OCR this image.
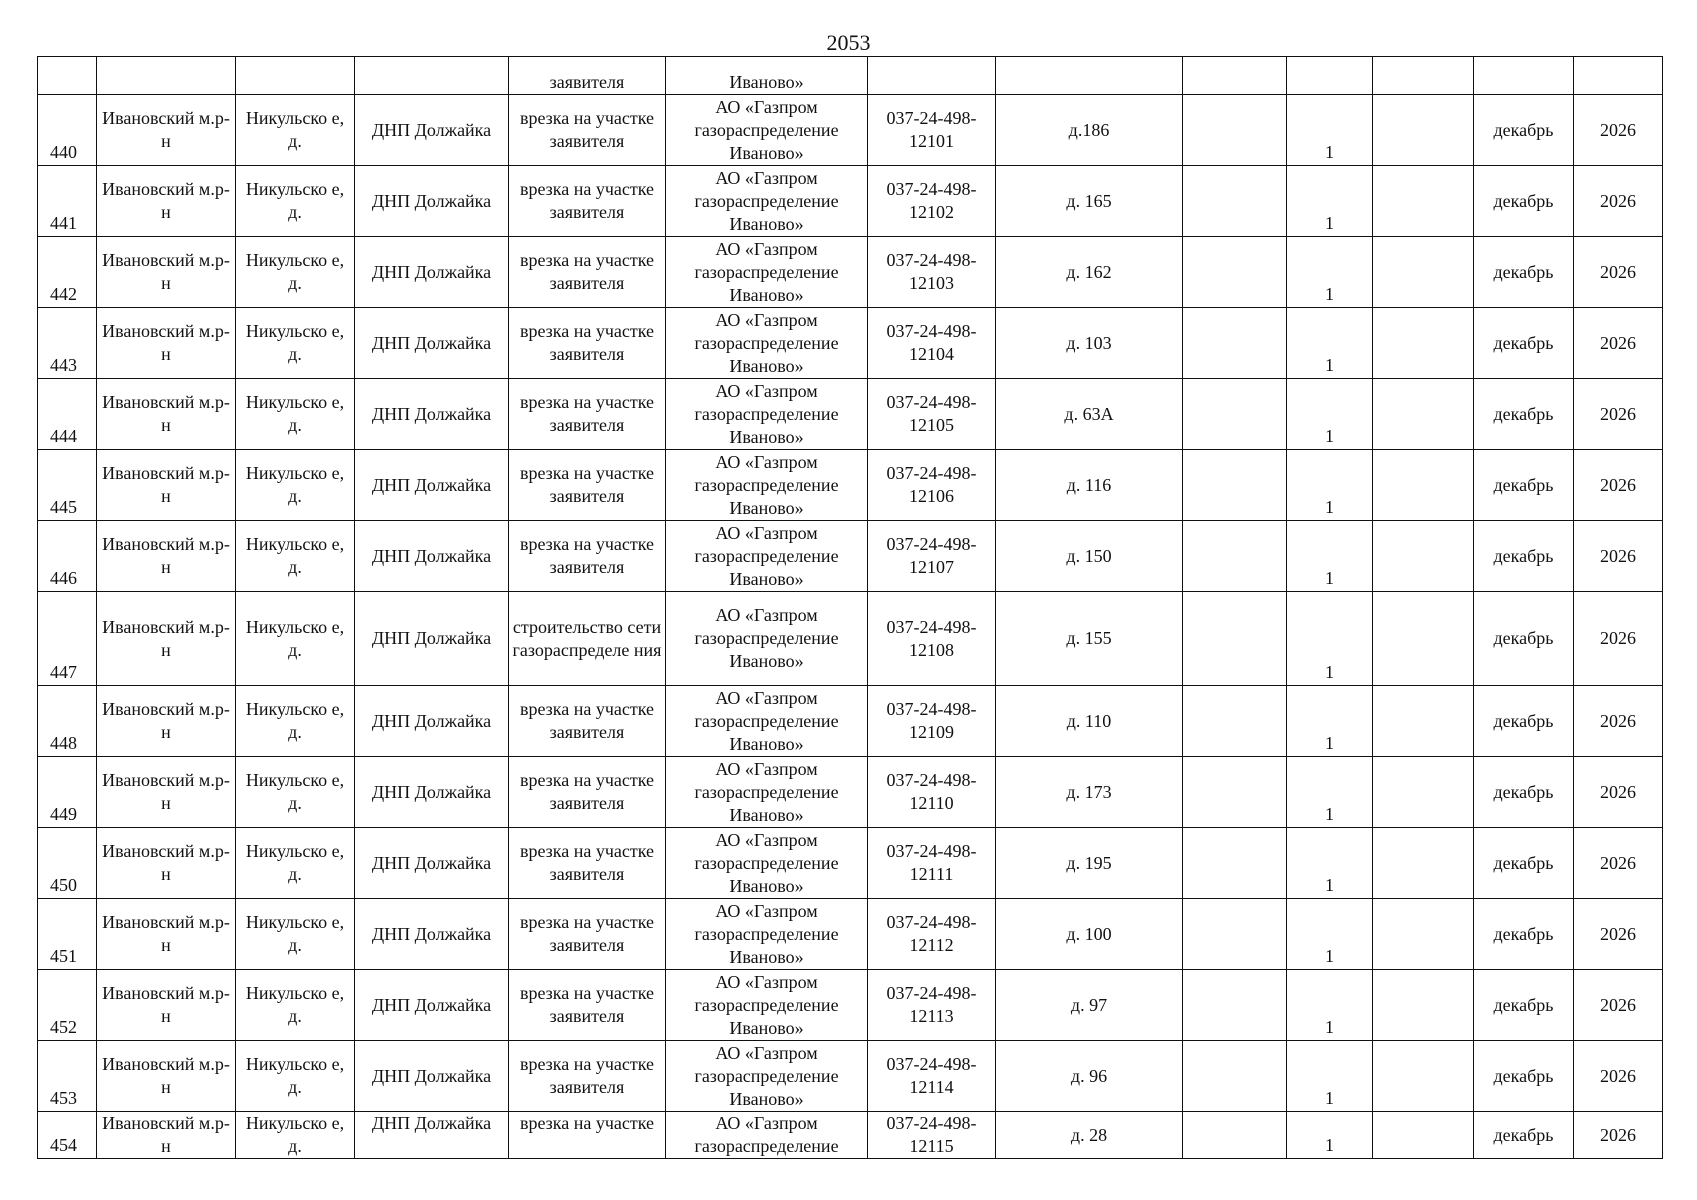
2053
				заявителя	Иваново»							
440	Ивановский м.р-н	Никульско е, д.	ДНП Должайка	врезка на участке заявителя	АО «Газпром газораспределение Иваново»	037-24-498- 12101	д.186		1		декабрь	2026
441	Ивановский м.р-н	Никульско е, д.	ДНП Должайка	врезка на участке заявителя	АО «Газпром газораспределение Иваново»	037-24-498- 12102	д. 165		1		декабрь	2026
442	Ивановский м.р-н	Никульско е, д.	ДНП Должайка	врезка на участке заявителя	АО «Газпром газораспределение Иваново»	037-24-498- 12103	д. 162		1		декабрь	2026
443	Ивановский м.р-н	Никульско е, д.	ДНП Должайка	врезка на участке заявителя	АО «Газпром газораспределение Иваново»	037-24-498- 12104	д. 103		1		декабрь	2026
444	Ивановский м.р-н	Никульско е, д.	ДНП Должайка	врезка на участке заявителя	АО «Газпром газораспределение Иваново»	037-24-498- 12105	д. 63А		1		декабрь	2026
445	Ивановский м.р-н	Никульско е, д.	ДНП Должайка	врезка на участке заявителя	АО «Газпром газораспределение Иваново»	037-24-498- 12106	д. 116		1		декабрь	2026
446	Ивановский м.р-н	Никульско е, д.	ДНП Должайка	врезка на участке заявителя	АО «Газпром газораспределение Иваново»	037-24-498- 12107	д. 150		1		декабрь	2026
447	Ивановский м.р-н	Никульско е, д.	ДНП Должайка	строительство сети газораспределе ния	АО «Газпром газораспределение Иваново»	037-24-498- 12108	д. 155		1		декабрь	2026
448	Ивановский м.р-н	Никульско е, д.	ДНП Должайка	врезка на участке заявителя	АО «Газпром газораспределение Иваново»	037-24-498- 12109	д. 110		1		декабрь	2026
449	Ивановский м.р-н	Никульско е, д.	ДНП Должайка	врезка на участке заявителя	АО «Газпром газораспределение Иваново»	037-24-498- 12110	д. 173		1		декабрь	2026
450	Ивановский м.р-н	Никульско е, д.	ДНП Должайка	врезка на участке заявителя	АО «Газпром газораспределение Иваново»	037-24-498- 12111	д. 195		1		декабрь	2026
451	Ивановский м.р-н	Никульско е, д.	ДНП Должайка	врезка на участке заявителя	АО «Газпром газораспределение Иваново»	037-24-498- 12112	д. 100		1		декабрь	2026
452	Ивановский м.р-н	Никульско е, д.	ДНП Должайка	врезка на участке заявителя	АО «Газпром газораспределение Иваново»	037-24-498- 12113	д. 97		1		декабрь	2026
453	Ивановский м.р-н	Никульско е, д.	ДНП Должайка	врезка на участке заявителя	АО «Газпром газораспределение Иваново»	037-24-498- 12114	д. 96		1		декабрь	2026
454	Ивановский м.р-н	Никульско е, д.	ДНП Должайка	врезка на участке	АО «Газпром газораспределение	037-24-498- 12115	д. 28		1		декабрь	2026
